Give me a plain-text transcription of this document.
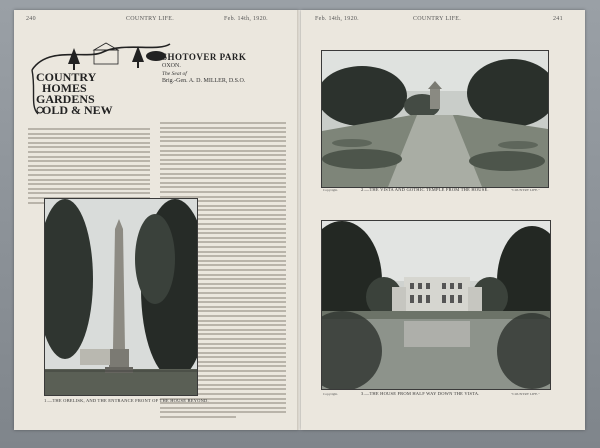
240	COUNTRY LIFE.	Feb. 14th, 1920.
COUNTRY
HOMES
GARDENS
OLD & NEW
SHOTOVER PARK
OXON.
The Seat of
Brig.-Gen. A. D. MILLER, D.S.O.
1.—THE OBELISK, AND THE ENTRANCE FRONT OF THE HOUSE BEYOND.
Feb. 14th, 1920.	COUNTRY LIFE.	241
Copyright.	2.—THE VISTA AND GOTHIC TEMPLE FROM THE HOUSE.	"COUNTRY LIFE."
Copyright.	3.—THE HOUSE FROM HALF WAY DOWN THE VISTA.	"COUNTRY LIFE."
